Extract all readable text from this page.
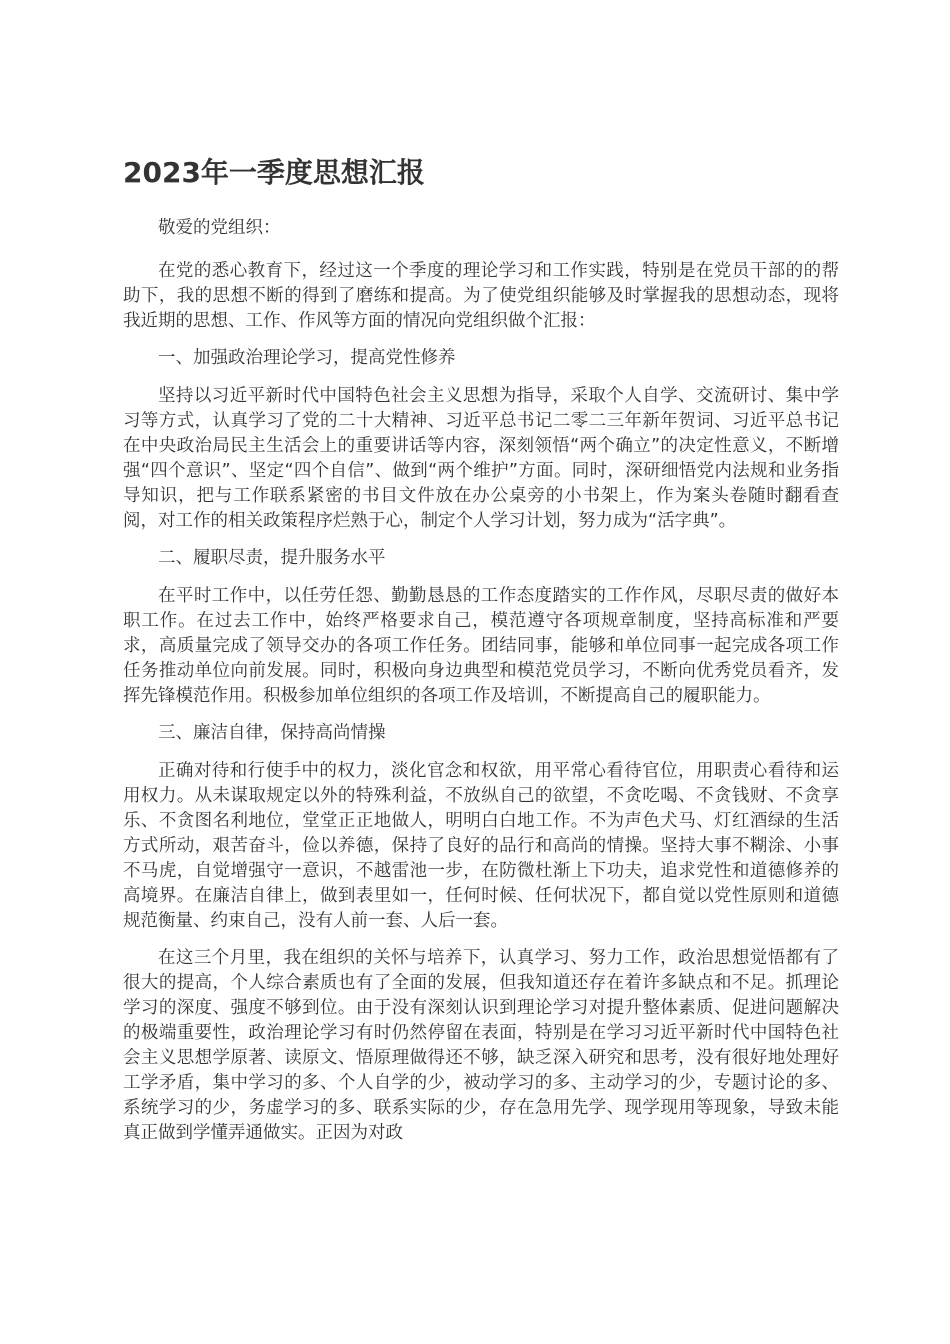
2023年一季度思想汇报

敬爱的党组织：

在党的悉心教育下，经过这一个季度的理论学习和工作实践，特别是在党员干部的的帮助下，我的思想不断的得到了磨练和提高。为了使党组织能够及时掌握我的思想动态，现将我近期的思想、工作、作风等方面的情况向党组织做个汇报：

一、加强政治理论学习，提高党性修养

坚持以习近平新时代中国特色社会主义思想为指导，采取个人自学、交流研讨、集中学习等方式，认真学习了党的二十大精神、习近平总书记二零二三年新年贺词、习近平总书记在中央政治局民主生活会上的重要讲话等内容，深刻领悟“两个确立”的决定性意义，不断增强“四个意识”、坚定“四个自信”、做到“两个维护”方面。同时，深研细悟党内法规和业务指导知识，把与工作联系紧密的书目文件放在办公桌旁的小书架上，作为案头卷随时翻看查阅，对工作的相关政策程序烂熟于心，制定个人学习计划，努力成为“活字典”。

二、履职尽责，提升服务水平

在平时工作中，以任劳任怨、勤勤恳恳的工作态度踏实的工作作风，尽职尽责的做好本职工作。在过去工作中，始终严格要求自己，模范遵守各项规章制度，坚持高标准和严要求，高质量完成了领导交办的各项工作任务。团结同事，能够和单位同事一起完成各项工作任务推动单位向前发展。同时，积极向身边典型和模范党员学习，不断向优秀党员看齐，发挥先锋模范作用。积极参加单位组织的各项工作及培训，不断提高自己的履职能力。

三、廉洁自律，保持高尚情操

正确对待和行使手中的权力，淡化官念和权欲，用平常心看待官位，用职责心看待和运用权力。从未谋取规定以外的特殊利益，不放纵自己的欲望，不贪吃喝、不贪钱财、不贪享乐、不贪图名利地位，堂堂正正地做人，明明白白地工作。不为声色犬马、灯红酒绿的生活方式所动，艰苦奋斗，俭以养德，保持了良好的品行和高尚的情操。坚持大事不糊涂、小事不马虎，自觉增强守一意识，不越雷池一步，在防微杜渐上下功夫，追求党性和道德修养的高境界。在廉洁自律上，做到表里如一，任何时候、任何状况下，都自觉以党性原则和道德规范衡量、约束自己，没有人前一套、人后一套。

在这三个月里，我在组织的关怀与培养下，认真学习、努力工作，政治思想觉悟都有了很大的提高，个人综合素质也有了全面的发展，但我知道还存在着许多缺点和不足。抓理论学习的深度、强度不够到位。由于没有深刻认识到理论学习对提升整体素质、促进问题解决的极端重要性，政治理论学习有时仍然停留在表面，特别是在学习习近平新时代中国特色社会主义思想学原著、读原文、悟原理做得还不够，缺乏深入研究和思考，没有很好地处理好工学矛盾，集中学习的多、个人自学的少，被动学习的多、主动学习的少，专题讨论的多、系统学习的少，务虚学习的多、联系实际的少，存在急用先学、现学现用等现象，导致未能真正做到学懂弄通做实。正因为对政
